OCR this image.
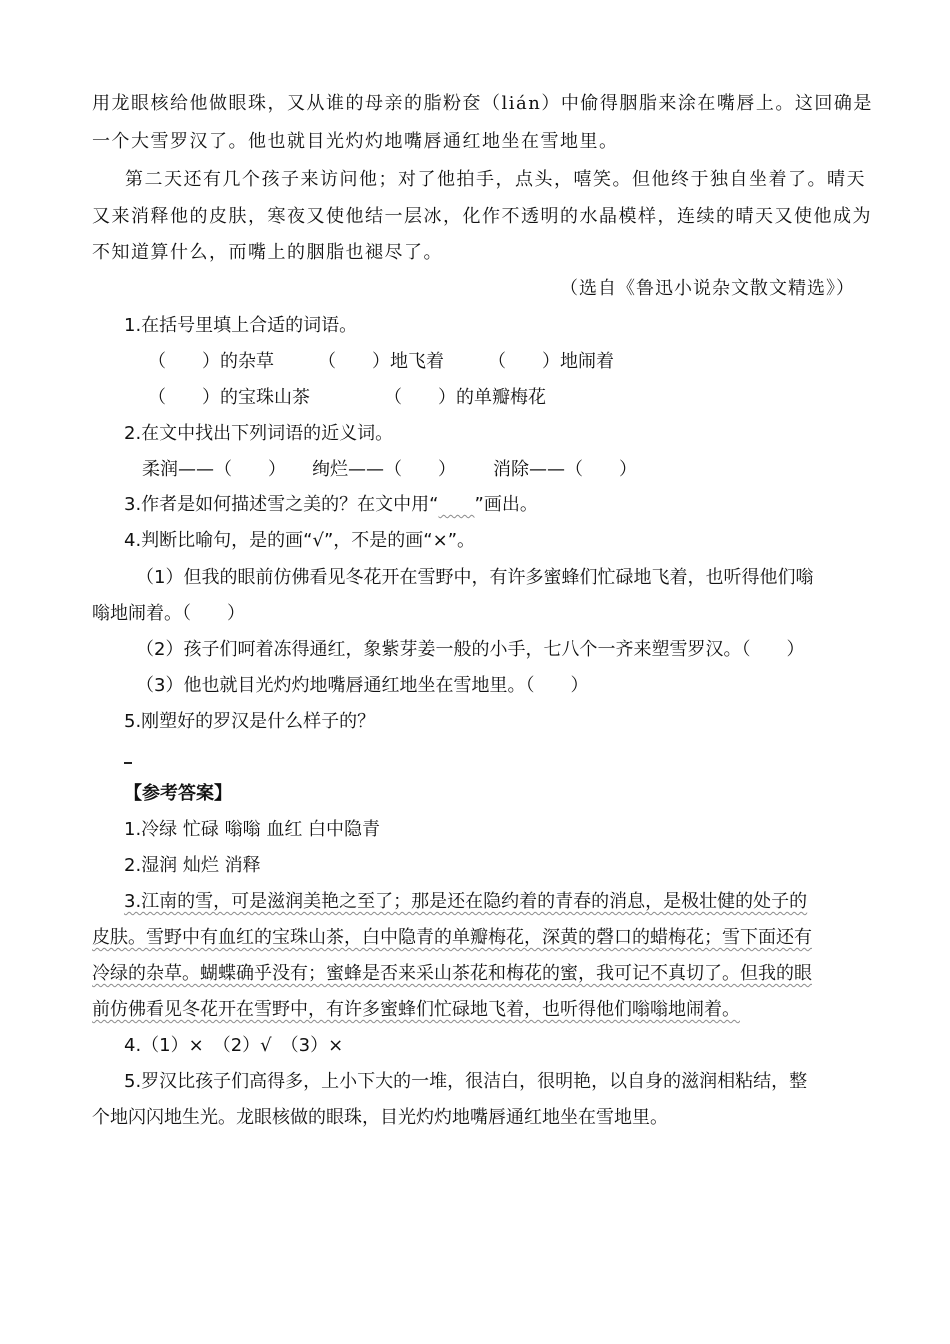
用龙眼核给他做眼珠，又从谁的母亲的脂粉奁（lián）中偷得胭脂来涂在嘴唇上。这回确是
一个大雪罗汉了。他也就目光灼灼地嘴唇通红地坐在雪地里。
第二天还有几个孩子来访问他；对了他拍手，点头，嘻笑。但他终于独自坐着了。晴天
又来消释他的皮肤，寒夜又使他结一层冰，化作不透明的水晶模样，连续的晴天又使他成为
不知道算什么，而嘴上的胭脂也褪尽了。
（选自《鲁迅小说杂文散文精选》）
1.在括号里填上合适的词语。
（　　）的杂草 （　　）地飞着 （　　）地闹着
（　　）的宝珠山茶	（　　）的单瓣梅花
2.在文中找出下列词语的近义词。
柔润——（　　） 绚烂——（　　） 消除——（　　）
3.作者是如何描述雪之美的？在文中用“　　 ”画出。
4.判断比喻句，是的画“√”，不是的画“×”。
（1）但我的眼前仿佛看见冬花开在雪野中，有许多蜜蜂们忙碌地飞着，也听得他们嗡
嗡地闹着。（　　）
（2）孩子们呵着冻得通红，象紫芽姜一般的小手，七八个一齐来塑雪罗汉。（　　）
（3）他也就目光灼灼地嘴唇通红地坐在雪地里。（　　）
5.刚塑好的罗汉是什么样子的？
【参考答案】
1.冷绿 忙碌 嗡嗡 血红 白中隐青
2.湿润 灿烂 消释
3.江南的雪，可是滋润美艳之至了；那是还在隐约着的青春的消息，是极壮健的处子的
皮肤。雪野中有血红的宝珠山茶，白中隐青的单瓣梅花，深黄的磬口的蜡梅花；雪下面还有
冷绿的杂草。蝴蝶确乎没有；蜜蜂是否来采山茶花和梅花的蜜，我可记不真切了。但我的眼
前仿佛看见冬花开在雪野中，有许多蜜蜂们忙碌地飞着，也听得他们嗡嗡地闹着。
4.（1）×　（2）√　（3）×
5.罗汉比孩子们高得多，上小下大的一堆，很洁白，很明艳，以自身的滋润相粘结，整
个地闪闪地生光。龙眼核做的眼珠，目光灼灼地嘴唇通红地坐在雪地里。
